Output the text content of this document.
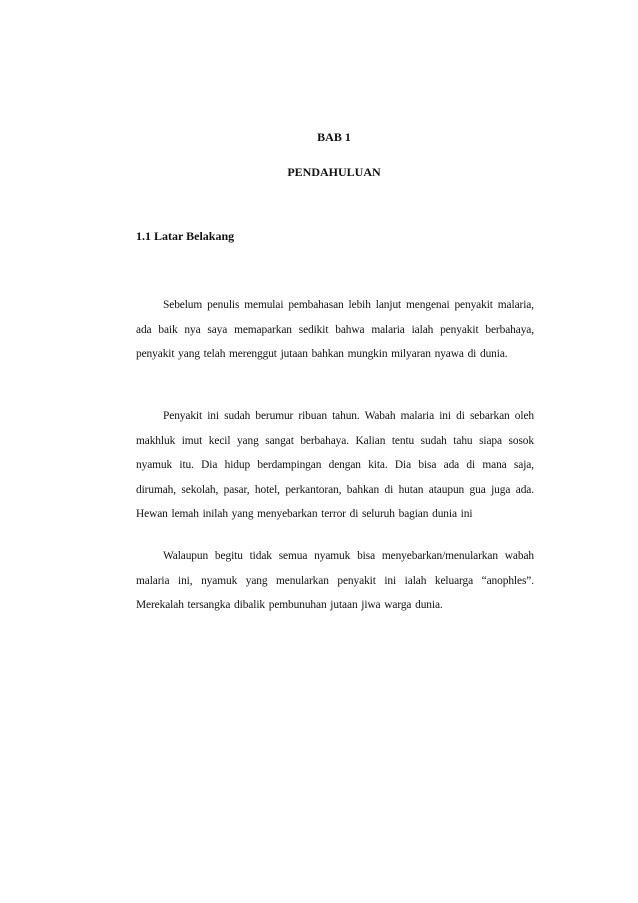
BAB 1
PENDAHULUAN
1.1 Latar Belakang

Sebelum penulis memulai pembahasan lebih lanjut mengenai penyakit malaria, ada baik nya saya memaparkan sedikit bahwa malaria ialah penyakit berbahaya, penyakit yang telah merenggut jutaan bahkan mungkin milyaran nyawa di dunia.

Penyakit ini sudah berumur ribuan tahun. Wabah malaria ini di sebarkan oleh makhluk imut kecil yang sangat berbahaya. Kalian tentu sudah tahu siapa sosok nyamuk itu. Dia hidup berdampingan dengan kita. Dia bisa ada di mana saja, dirumah, sekolah, pasar, hotel, perkantoran, bahkan di hutan ataupun gua juga ada. Hewan lemah inilah yang menyebarkan terror di seluruh bagian dunia ini

Walaupun begitu tidak semua nyamuk bisa menyebarkan/menularkan wabah malaria ini, nyamuk yang menularkan penyakit ini ialah keluarga “anophles”. Merekalah tersangka dibalik pembunuhan jutaan jiwa warga dunia.
